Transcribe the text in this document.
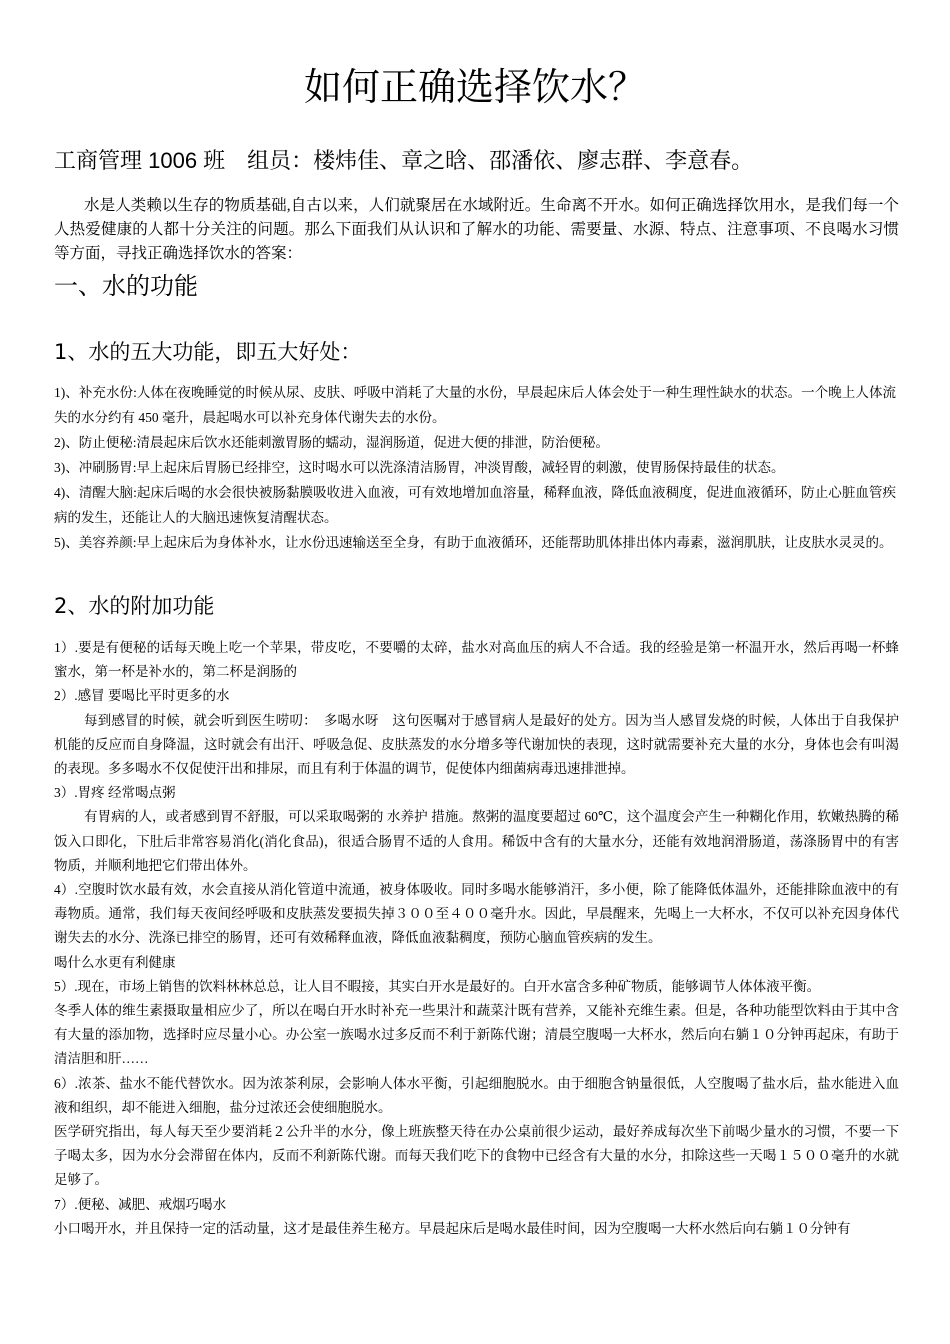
如何正确选择饮水？

工商管理 1006 班　组员：楼炜佳、章之晗、邵潘依、廖志群、李意春。

水是人类赖以生存的物质基础,自古以来，人们就聚居在水域附近。生命离不开水。如何正确选择饮用水，是我们每一个人热爱健康的人都十分关注的问题。那么下面我们从认识和了解水的功能、需要量、水源、特点、注意事项、不良喝水习惯等方面，寻找正确选择饮水的答案：

一、水的功能
1、水的五大功能，即五大好处：

1)、补充水份:人体在夜晚睡觉的时候从尿、皮肤、呼吸中消耗了大量的水份，早晨起床后人体会处于一种生理性缺水的状态。一个晚上人体流失的水分约有 450 毫升，晨起喝水可以补充身体代谢失去的水份。

2)、防止便秘:清晨起床后饮水还能刺激胃肠的蠕动，湿润肠道，促进大便的排泄，防治便秘。

3)、冲刷肠胃:早上起床后胃肠已经排空，这时喝水可以洗涤清洁肠胃，冲淡胃酸，减轻胃的刺激，使胃肠保持最佳的状态。

4)、清醒大脑:起床后喝的水会很快被肠黏膜吸收进入血液，可有效地增加血溶量，稀释血液，降低血液稠度，促进血液循环，防止心脏血管疾病的发生，还能让人的大脑迅速恢复清醒状态。

5)、美容养颜:早上起床后为身体补水，让水份迅速输送至全身，有助于血液循环，还能帮助肌体排出体内毒素，滋润肌肤，让皮肤水灵灵的。

2、水的附加功能

1）.要是有便秘的话每天晚上吃一个苹果，带皮吃，不要嚼的太碎，盐水对高血压的病人不合适。我的经验是第一杯温开水，然后再喝一杯蜂蜜水，第一杯是补水的，第二杯是润肠的

2）.感冒 要喝比平时更多的水

每到感冒的时候，就会听到医生唠叨：　多喝水呀　这句医嘱对于感冒病人是最好的处方。因为当人感冒发烧的时候，人体出于自我保护机能的反应而自身降温，这时就会有出汗、呼吸急促、皮肤蒸发的水分增多等代谢加快的表现，这时就需要补充大量的水分，身体也会有叫渴的表现。多多喝水不仅促使汗出和排尿，而且有利于体温的调节，促使体内细菌病毒迅速排泄掉。

3）.胃疼 经常喝点粥

有胃病的人，或者感到胃不舒服，可以采取喝粥的 水养护 措施。熬粥的温度要超过 60℃，这个温度会产生一种糊化作用，软嫩热腾的稀饭入口即化，下肚后非常容易消化(消化食品)，很适合肠胃不适的人食用。稀饭中含有的大量水分，还能有效地润滑肠道，荡涤肠胃中的有害物质，并顺利地把它们带出体外。

4）.空腹时饮水最有效，水会直接从消化管道中流通，被身体吸收。同时多喝水能够消汗，多小便，除了能降低体温外，还能排除血液中的有毒物质。通常，我们每天夜间经呼吸和皮肤蒸发要损失掉３００至４００毫升水。因此，早晨醒来，先喝上一大杯水，不仅可以补充因身体代谢失去的水分、洗涤已排空的肠胃，还可有效稀释血液，降低血液黏稠度，预防心脑血管疾病的发生。

喝什么水更有利健康

5）.现在，市场上销售的饮料林林总总，让人目不暇接，其实白开水是最好的。白开水富含多种矿物质，能够调节人体体液平衡。

冬季人体的维生素摄取量相应少了，所以在喝白开水时补充一些果汁和蔬菜汁既有营养，又能补充维生素。但是，各种功能型饮料由于其中含有大量的添加物，选择时应尽量小心。办公室一族喝水过多反而不利于新陈代谢；清晨空腹喝一大杯水，然后向右躺１０分钟再起床，有助于清洁胆和肝……

6）.浓茶、盐水不能代替饮水。因为浓茶利尿，会影响人体水平衡，引起细胞脱水。由于细胞含钠量很低，人空腹喝了盐水后，盐水能进入血液和组织，却不能进入细胞，盐分过浓还会使细胞脱水。

医学研究指出，每人每天至少要消耗２公升半的水分，像上班族整天待在办公桌前很少运动，最好养成每次坐下前喝少量水的习惯，不要一下子喝太多，因为水分会滞留在体内，反而不利新陈代谢。而每天我们吃下的食物中已经含有大量的水分，扣除这些一天喝１５００毫升的水就足够了。

7）.便秘、减肥、戒烟巧喝水

小口喝开水，并且保持一定的活动量，这才是最佳养生秘方。早晨起床后是喝水最佳时间，因为空腹喝一大杯水然后向右躺１０分钟有
